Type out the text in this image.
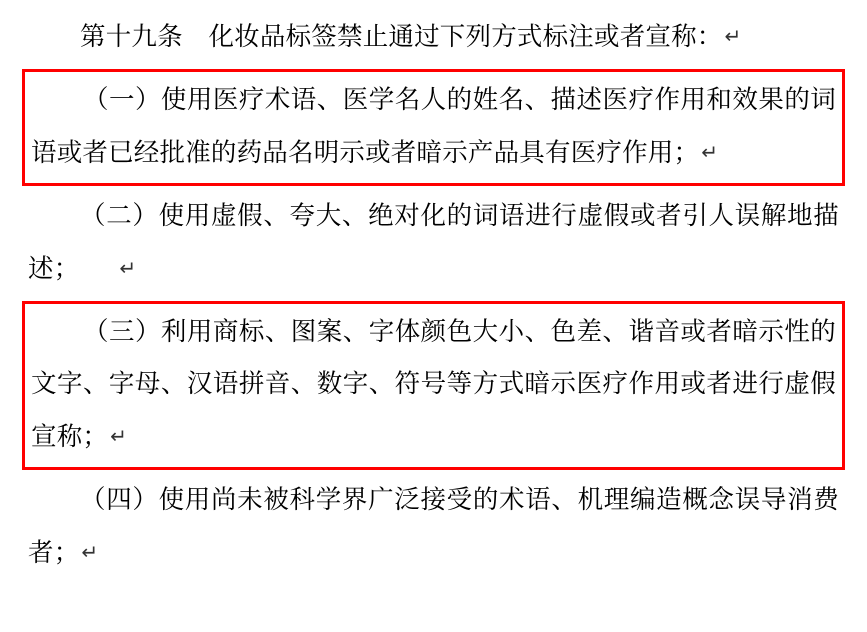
第十九条　化妆品标签禁止通过下列方式标注或者宣称： ↵

（一）使用医疗术语、医学名人的姓名、描述医疗作用和效果的词语或者已经批准的药品名明示或者暗示产品具有医疗作用； ↵

（二）使用虚假、夸大、绝对化的词语进行虚假或者引人误解地描述； ↵

（三）利用商标、图案、字体颜色大小、色差、谐音或者暗示性的文字、字母、汉语拼音、数字、符号等方式暗示医疗作用或者进行虚假宣称； ↵

（四）使用尚未被科学界广泛接受的术语、机理编造概念误导消费者； ↵
